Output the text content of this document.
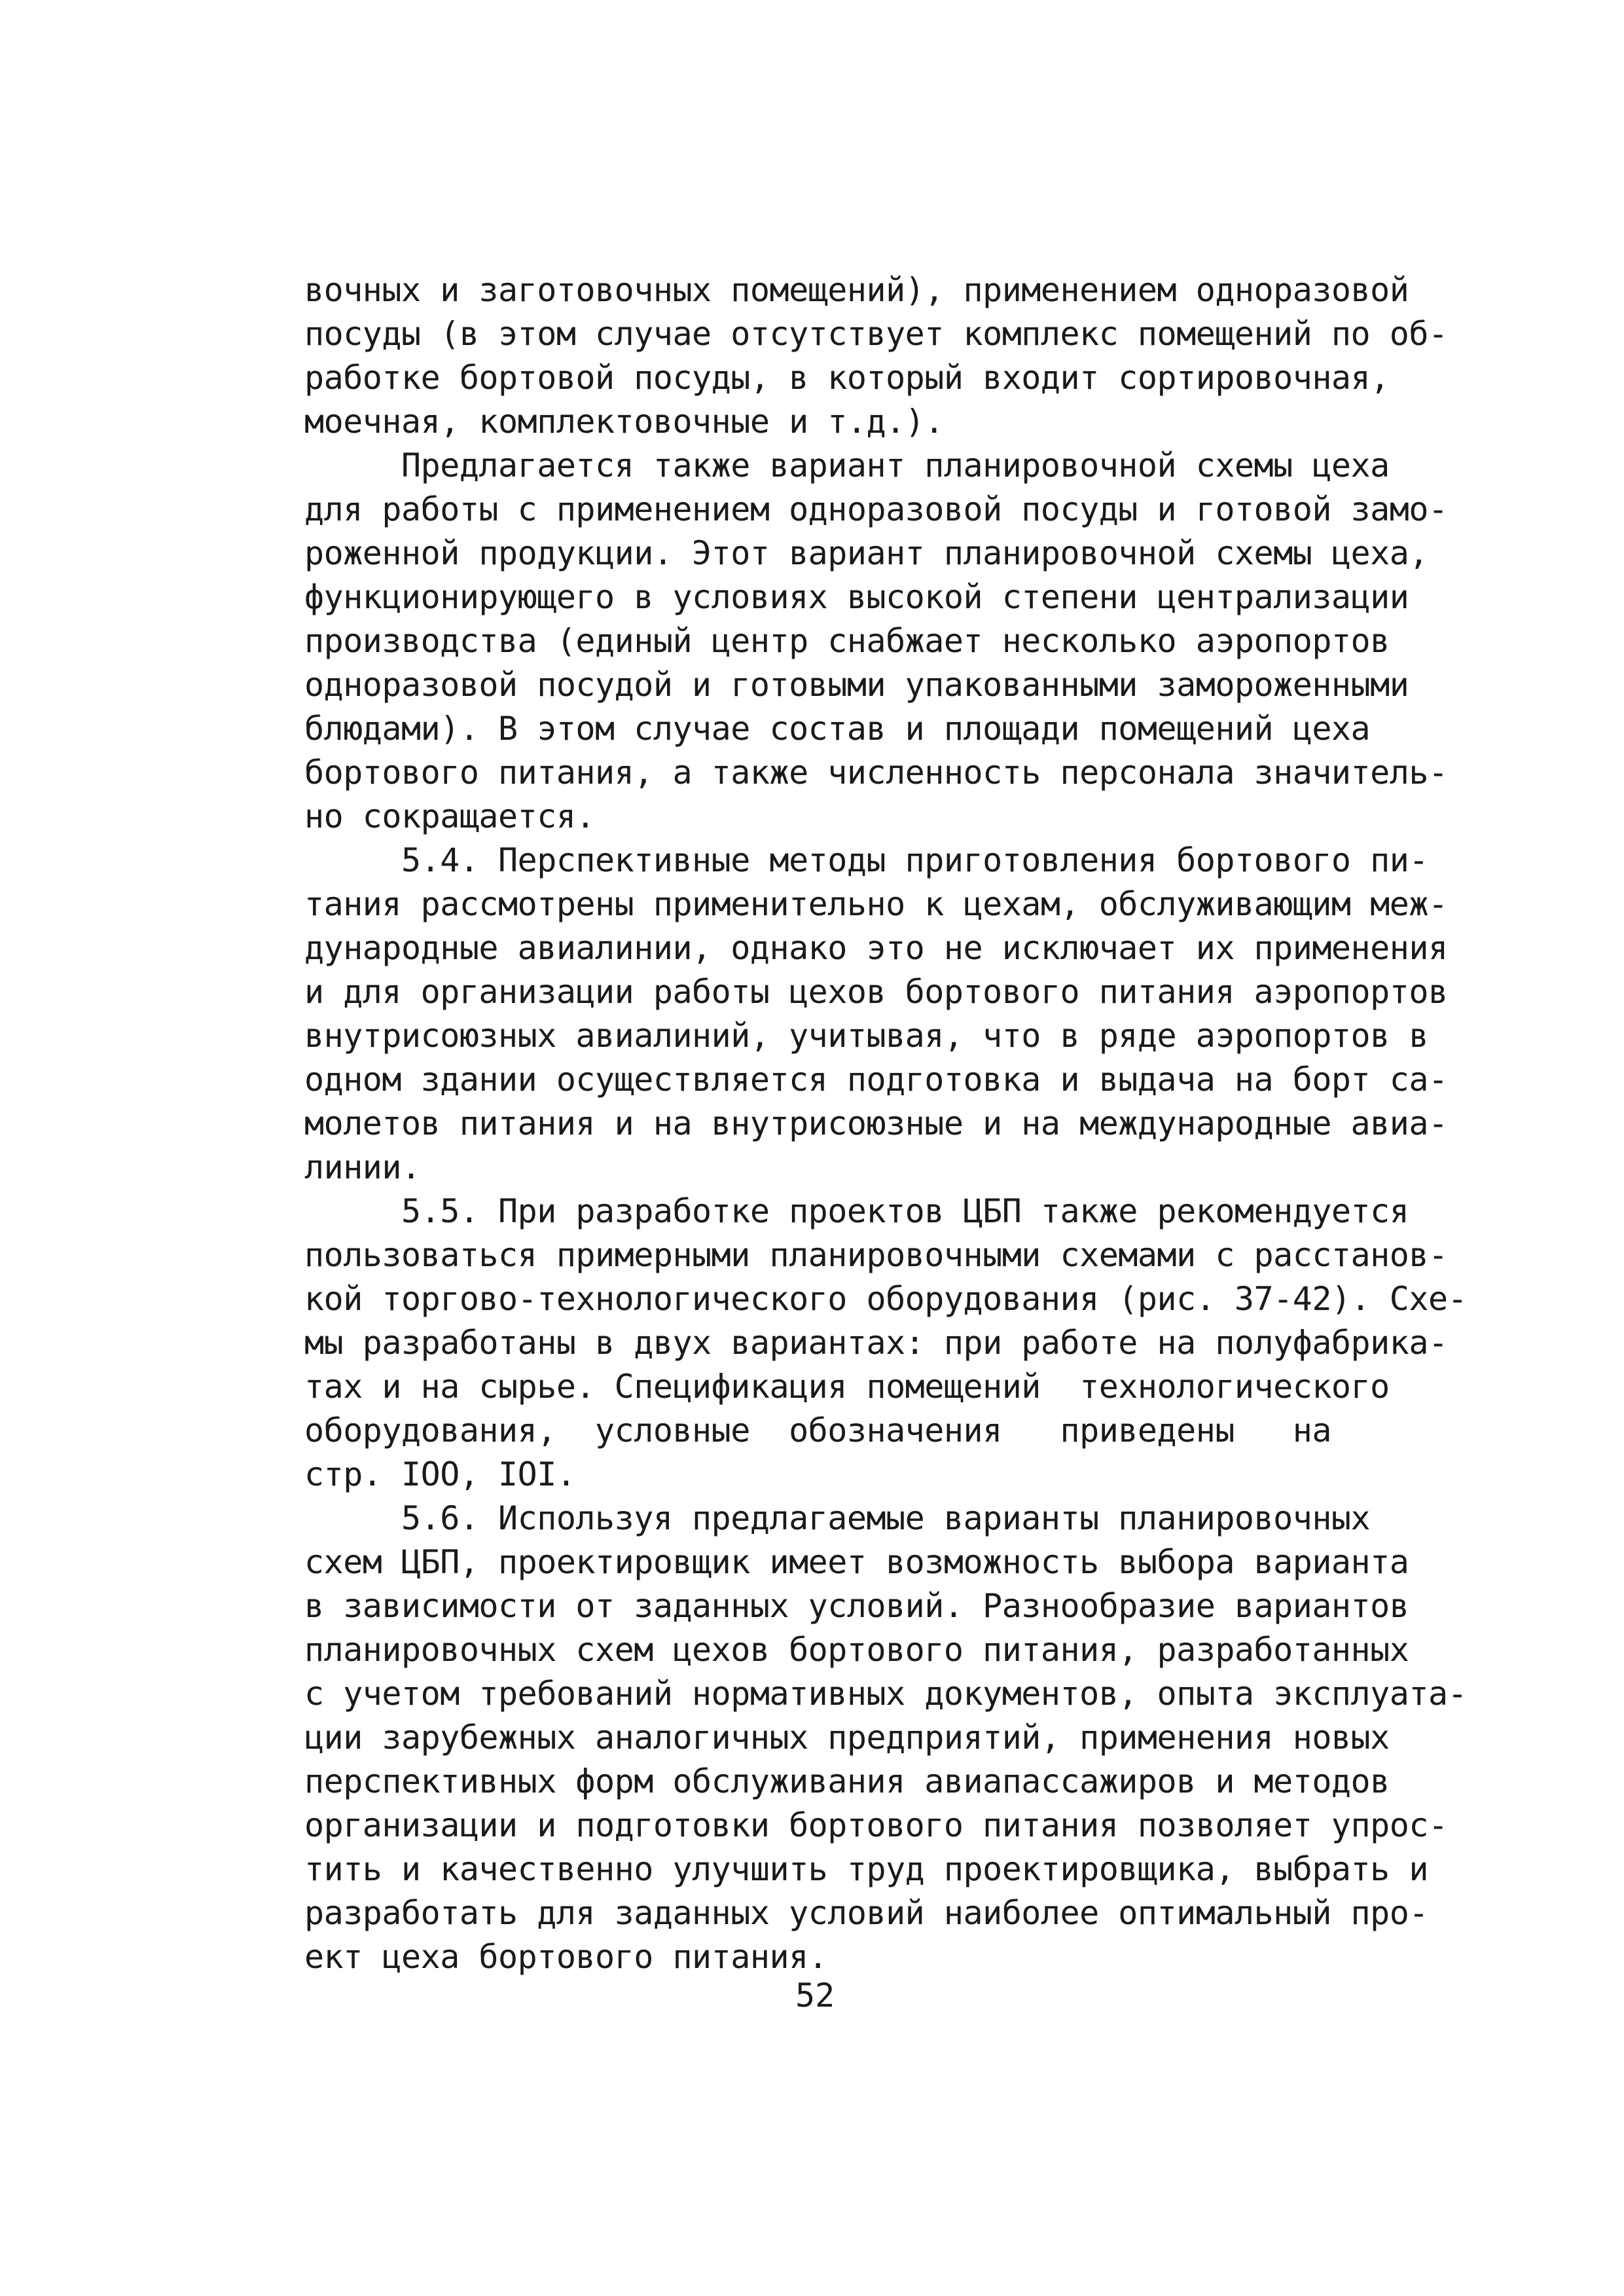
вочных и заготовочных помещений), применением одноразовой
посуды (в этом случае отсутствует комплекс помещений по об-
работке бортовой посуды, в который входит сортировочная,
моечная, комплектовочные и т.д.).
Предлагается также вариант планировочной схемы цеха
для работы с применением одноразовой посуды и готовой замо-
роженной продукции. Этот вариант планировочной схемы цеха,
функционирующего в условиях высокой степени централизации
производства (единый центр снабжает несколько аэропортов
одноразовой посудой и готовыми упакованными замороженными
блюдами). В этом случае состав и площади помещений цеха
бортового питания, а также численность персонала значитель-
но сокращается.
5.4. Перспективные методы приготовления бортового пи-
тания рассмотрены применительно к цехам, обслуживающим меж-
дународные авиалинии, однако это не исключает их применения
и для организации работы цехов бортового питания аэропортов
внутрисоюзных авиалиний, учитывая, что в ряде аэропортов в
одном здании осуществляется подготовка и выдача на борт са-
молетов питания и на внутрисоюзные и на международные авиа-
линии.
5.5. При разработке проектов ЦБП также рекомендуется
пользоваться примерными планировочными схемами с расстанов-
кой торгово-технологического оборудования (рис. 37-42). Схе-
мы разработаны в двух вариантах: при работе на полуфабрика-
тах и на сырье. Спецификация помещений  технологического
оборудования,  условные  обозначения   приведены   на
стр. IOO, IOI.
5.6. Используя предлагаемые варианты планировочных
схем ЦБП, проектировщик имеет возможность выбора варианта
в зависимости от заданных условий. Разнообразие вариантов
планировочных схем цехов бортового питания, разработанных
с учетом требований нормативных документов, опыта эксплуата-
ции зарубежных аналогичных предприятий, применения новых
перспективных форм обслуживания авиапассажиров и методов
организации и подготовки бортового питания позволяет упрос-
тить и качественно улучшить труд проектировщика, выбрать и
разработать для заданных условий наиболее оптимальный про-
ект цеха бортового питания.
52
